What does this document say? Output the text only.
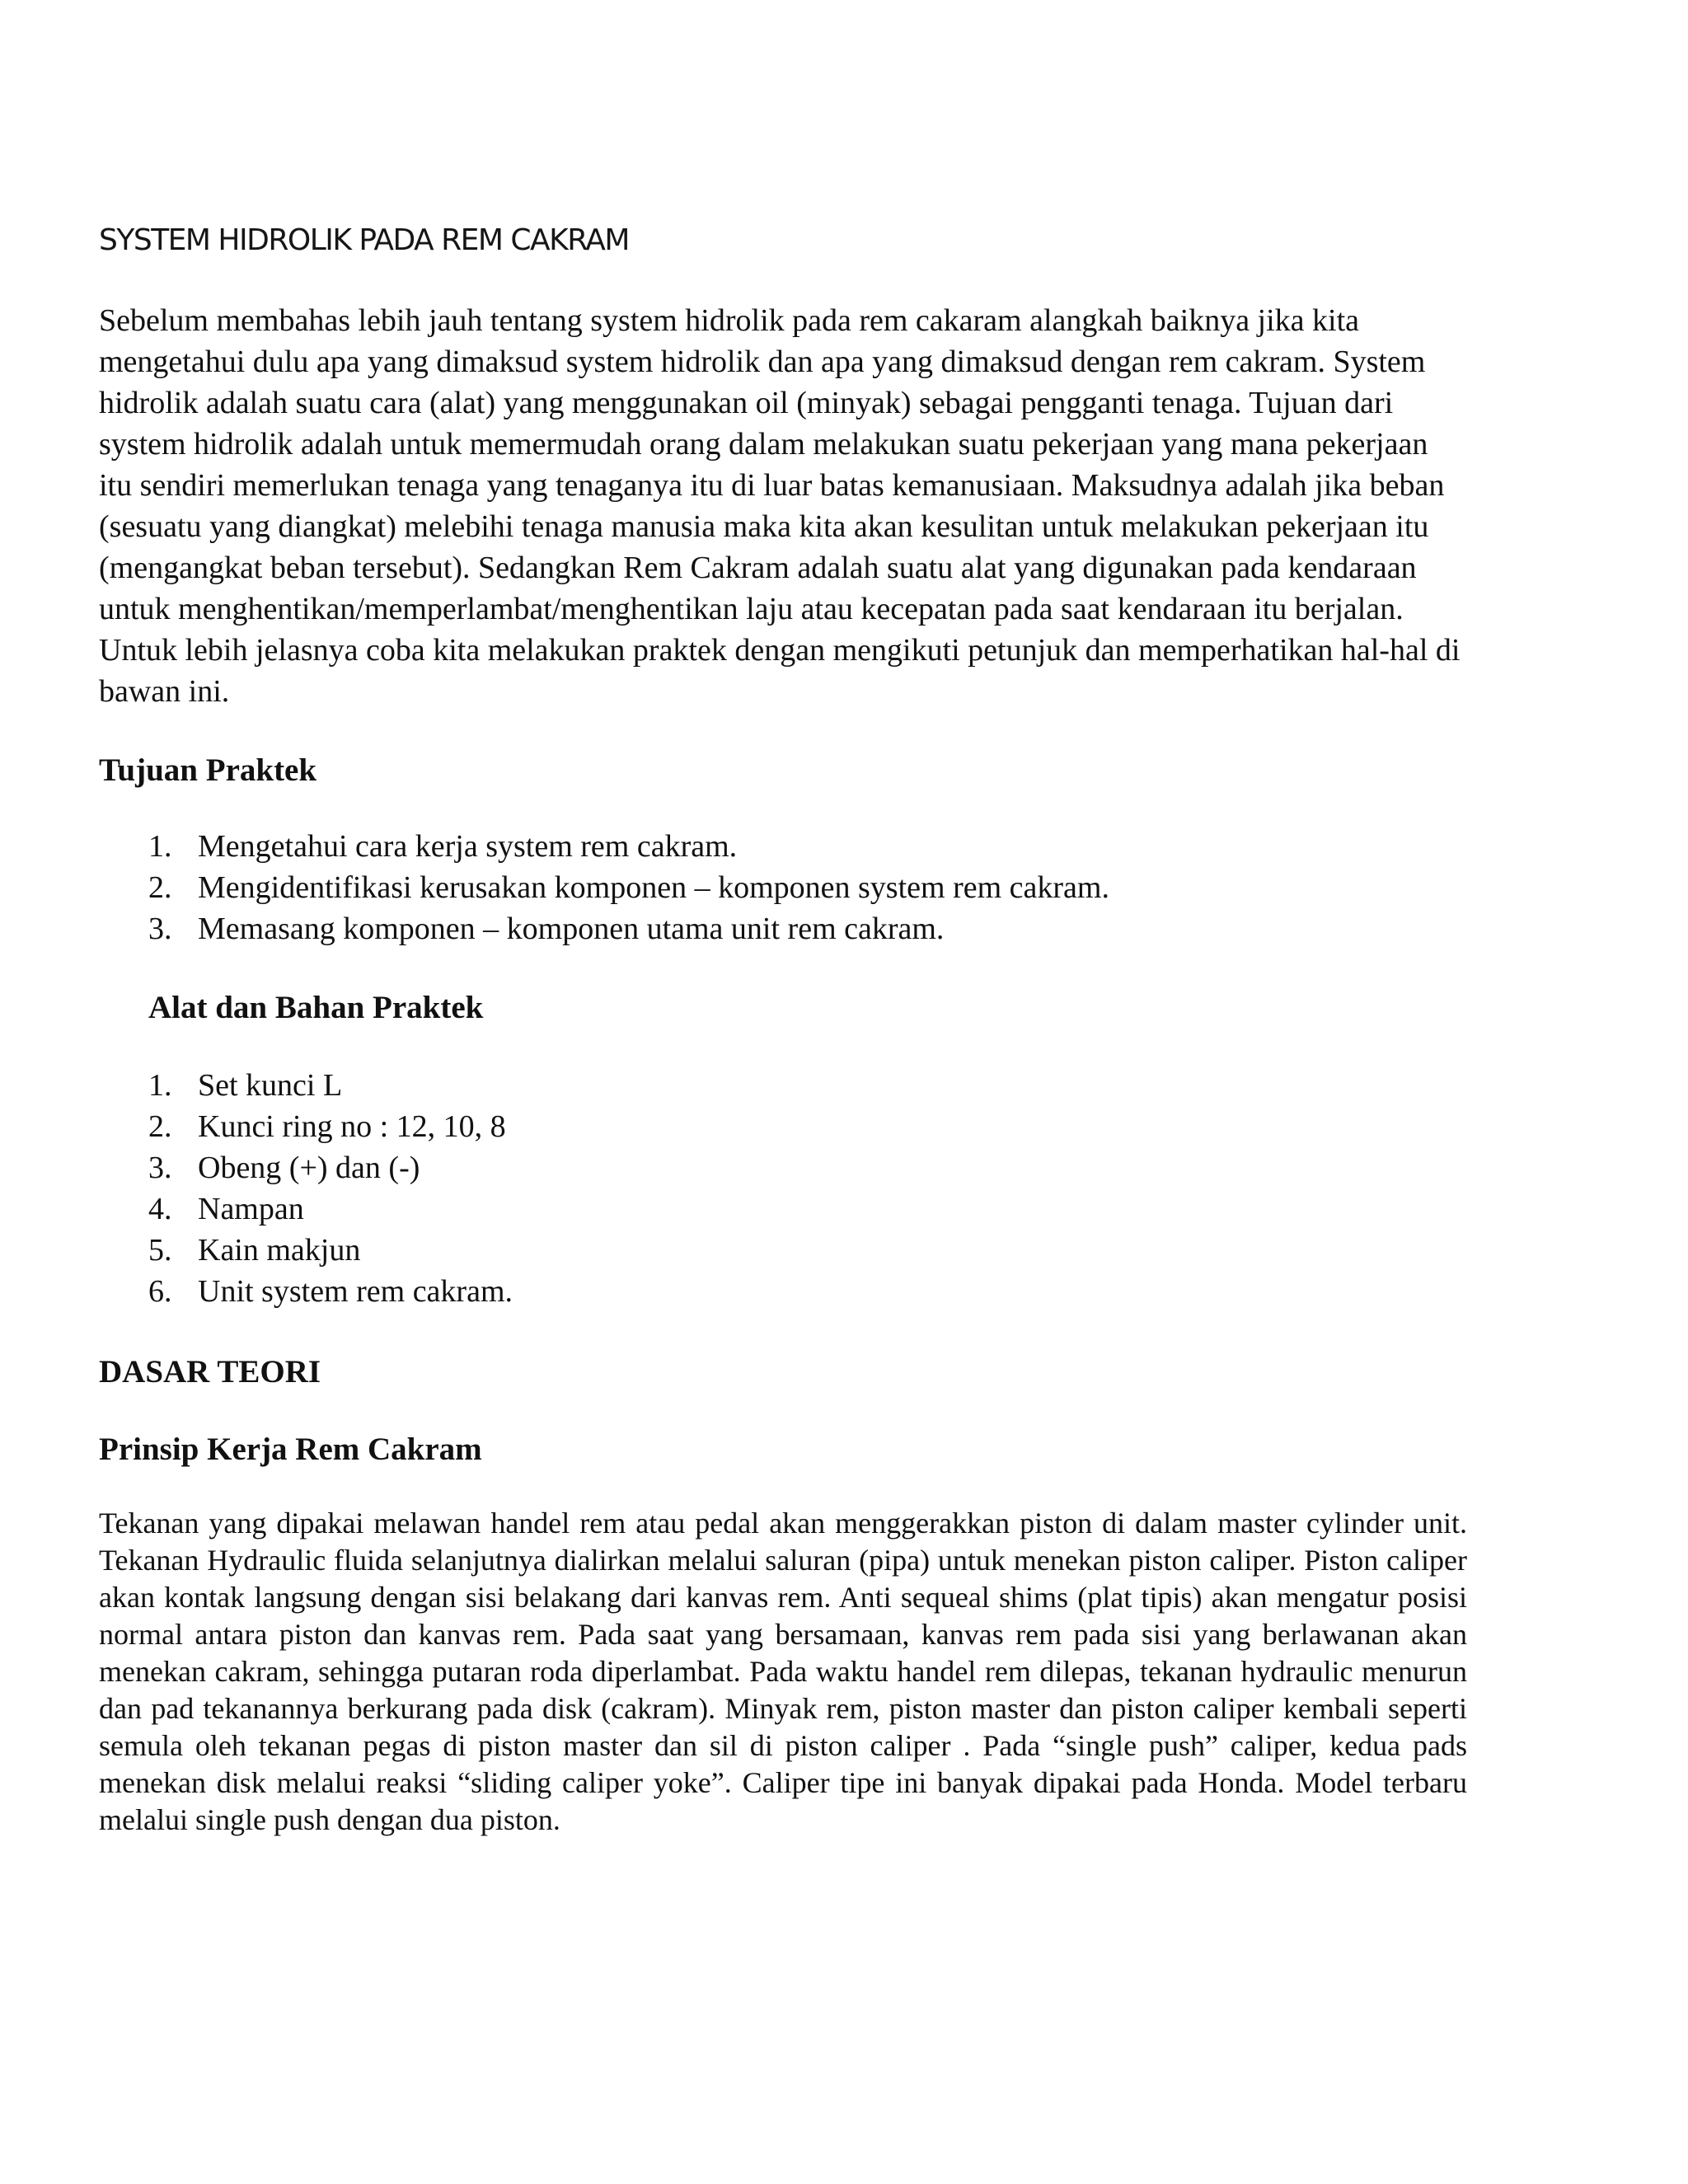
SYSTEM HIDROLIK PADA REM CAKRAM

Sebelum membahas lebih jauh tentang system hidrolik pada rem cakaram alangkah baiknya jika kita mengetahui dulu apa yang dimaksud system hidrolik dan apa yang dimaksud dengan rem cakram. System hidrolik adalah suatu cara (alat) yang menggunakan oil (minyak) sebagai pengganti tenaga. Tujuan dari system hidrolik adalah untuk memermudah orang dalam melakukan suatu pekerjaan yang mana pekerjaan itu sendiri memerlukan tenaga yang tenaganya itu di luar batas kemanusiaan. Maksudnya adalah jika beban (sesuatu yang diangkat) melebihi tenaga manusia maka kita akan kesulitan untuk melakukan pekerjaan itu (mengangkat beban tersebut). Sedangkan Rem Cakram adalah suatu alat yang digunakan pada kendaraan untuk menghentikan/memperlambat/menghentikan laju atau kecepatan pada saat kendaraan itu berjalan. Untuk lebih jelasnya coba kita melakukan praktek dengan mengikuti petunjuk dan memperhatikan hal-hal di bawan ini.

Tujuan Praktek
1. Mengetahui cara kerja system rem cakram.
2. Mengidentifikasi kerusakan komponen – komponen system rem cakram.
3. Memasang komponen – komponen utama unit rem cakram.
Alat dan Bahan Praktek
1. Set kunci L
2. Kunci ring no : 12, 10, 8
3. Obeng (+) dan (-)
4. Nampan
5. Kain makjun
6. Unit system rem cakram.
DASAR TEORI
Prinsip Kerja Rem Cakram

Tekanan yang dipakai melawan handel rem atau pedal akan menggerakkan piston di dalam master cylinder unit. Tekanan Hydraulic fluida selanjutnya dialirkan melalui saluran (pipa) untuk menekan piston caliper. Piston caliper akan kontak langsung dengan sisi belakang dari kanvas rem. Anti sequeal shims (plat tipis) akan mengatur posisi normal antara piston dan kanvas rem. Pada saat yang bersamaan, kanvas rem pada sisi yang berlawanan akan menekan cakram, sehingga putaran roda diperlambat. Pada waktu handel rem dilepas, tekanan hydraulic menurun dan pad tekanannya berkurang pada disk (cakram). Minyak rem, piston master dan piston caliper kembali seperti semula oleh tekanan pegas di piston master dan sil di piston caliper . Pada “single push” caliper, kedua pads menekan disk melalui reaksi “sliding caliper yoke”. Caliper tipe ini banyak dipakai pada Honda. Model terbaru melalui single push dengan dua piston.
